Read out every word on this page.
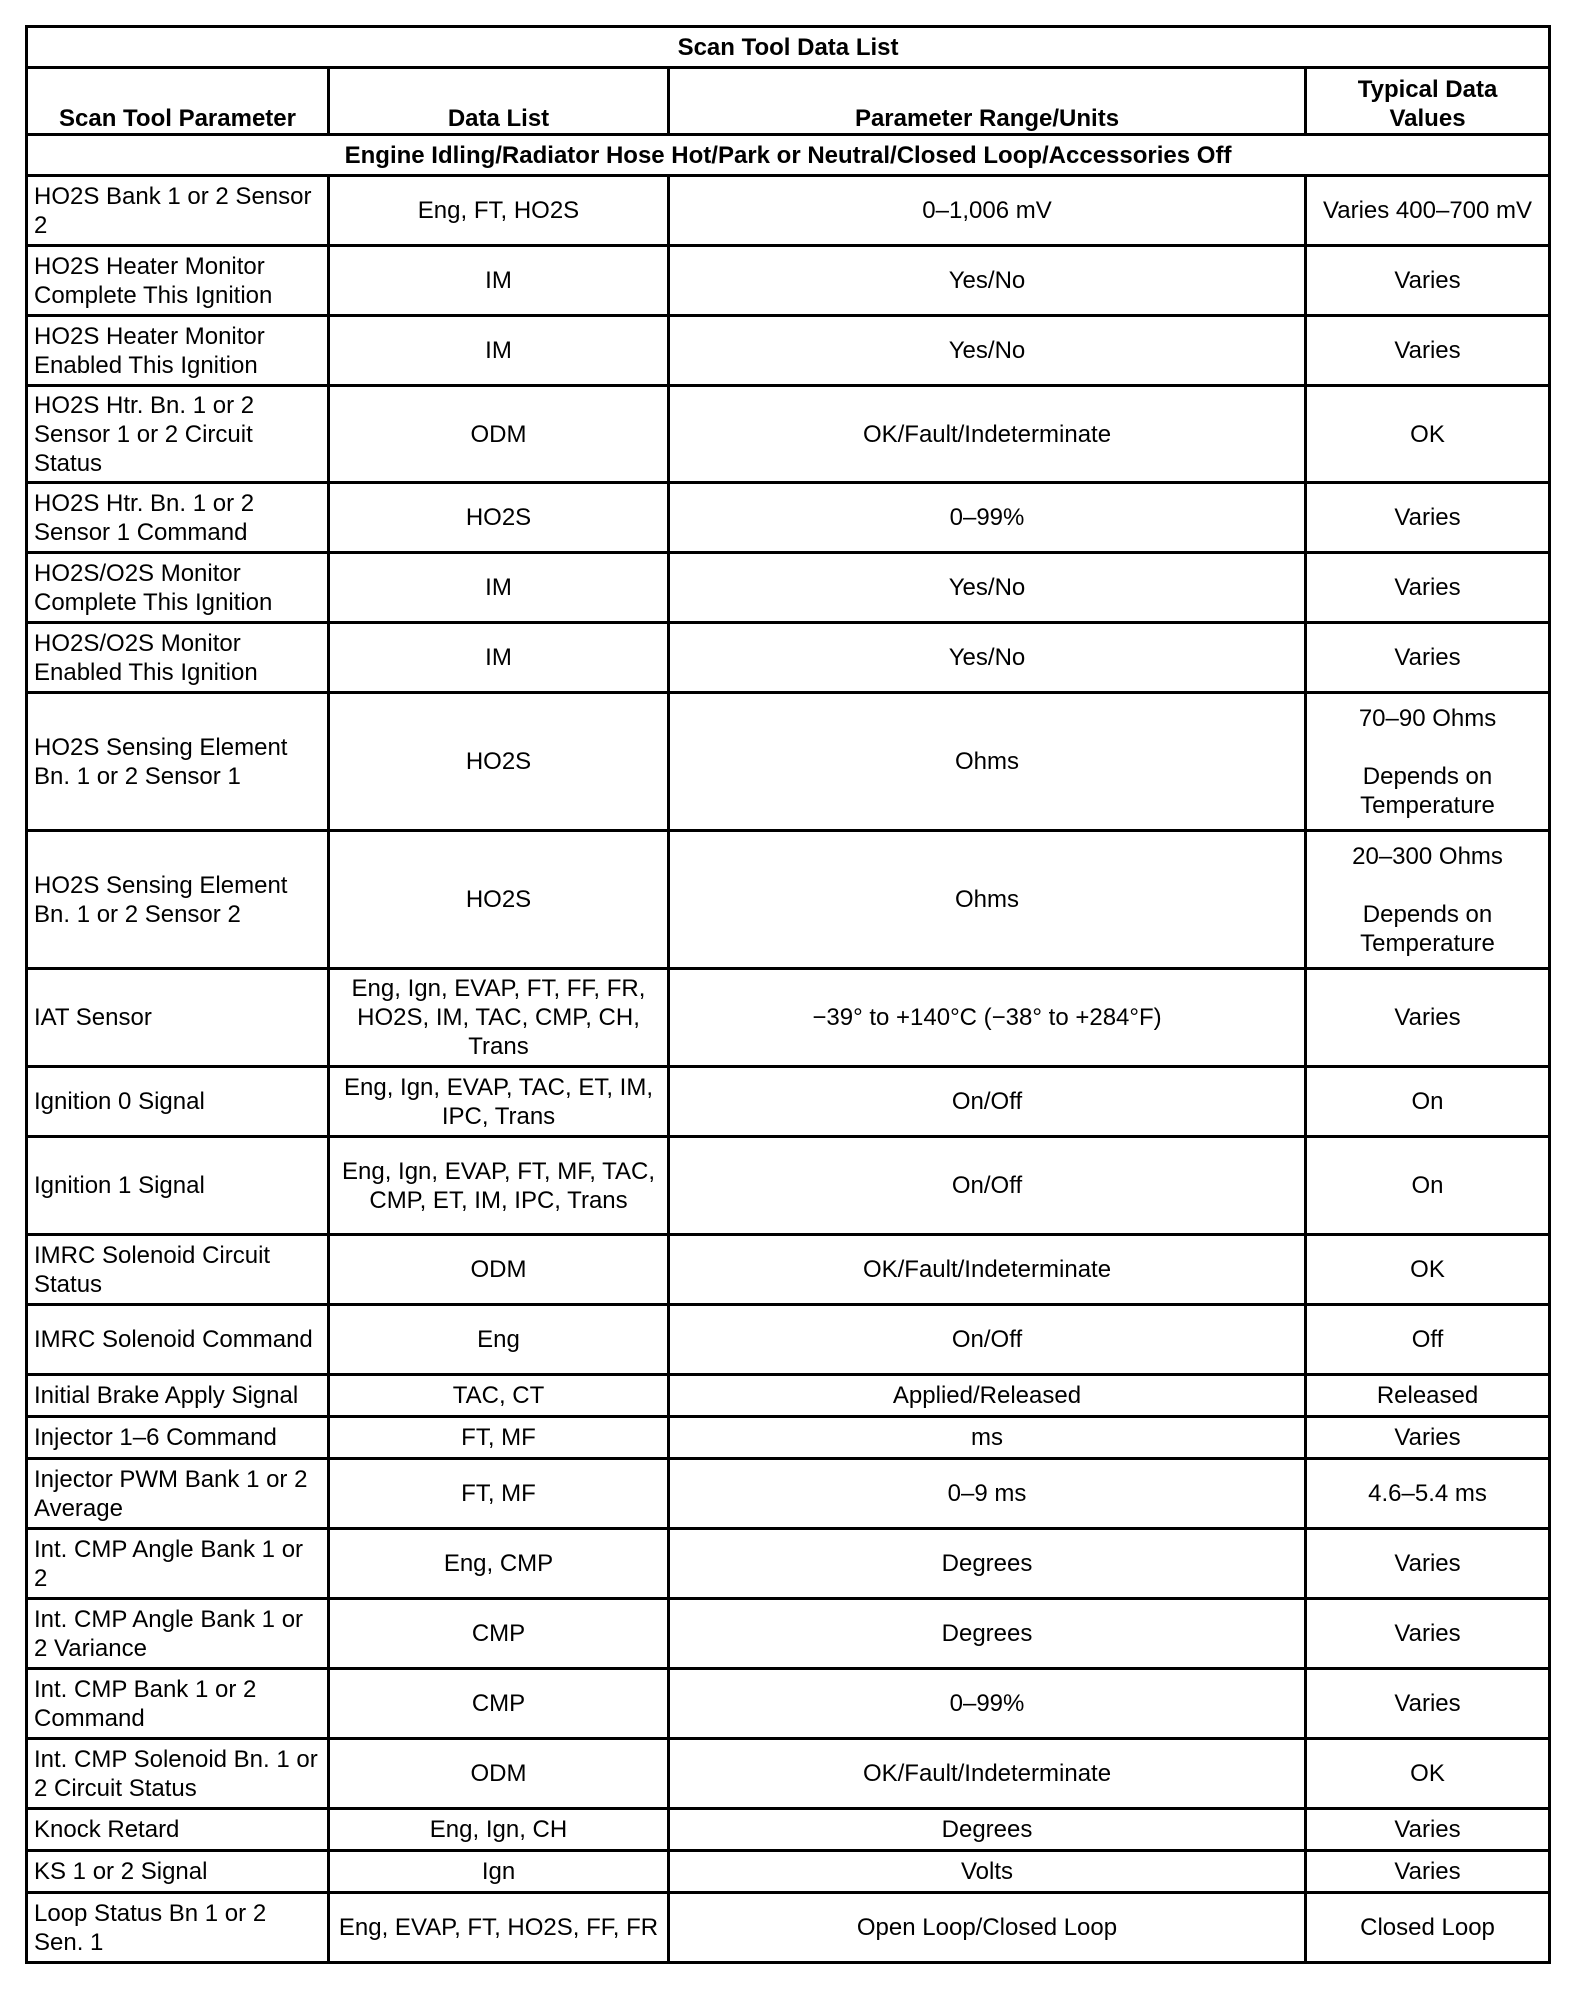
Scan Tool Data List			
Scan Tool Parameter	Data List	Parameter Range/Units	Typical Data
Values
Engine Idling/Radiator Hose Hot/Park or Neutral/Closed Loop/Accessories Off			
HO2S Bank 1 or 2 Sensor 2	Eng, FT, HO2S	0–1,006 mV	Varies 400–700 mV
HO2S Heater Monitor Complete This Ignition	IM	Yes/No	Varies
HO2S Heater Monitor Enabled This Ignition	IM	Yes/No	Varies
HO2S Htr. Bn. 1 or 2 Sensor 1 or 2 Circuit Status	ODM	OK/Fault/Indeterminate	OK
HO2S Htr. Bn. 1 or 2 Sensor 1 Command	HO2S	0–99%	Varies
HO2S/O2S Monitor Complete This Ignition	IM	Yes/No	Varies
HO2S/O2S Monitor Enabled This Ignition	IM	Yes/No	Varies
HO2S Sensing Element Bn. 1 or 2 Sensor 1	HO2S	Ohms	70–90 Ohms

Depends on
Temperature
HO2S Sensing Element Bn. 1 or 2 Sensor 2	HO2S	Ohms	20–300 Ohms

Depends on
Temperature
IAT Sensor	Eng, Ign, EVAP, FT, FF, FR, HO2S, IM, TAC, CMP, CH, Trans	−39° to +140°C (−38° to +284°F)	Varies
Ignition 0 Signal	Eng, Ign, EVAP, TAC, ET, IM, IPC, Trans	On/Off	On
Ignition 1 Signal	Eng, Ign, EVAP, FT, MF, TAC, CMP, ET, IM, IPC, Trans	On/Off	On
IMRC Solenoid Circuit Status	ODM	OK/Fault/Indeterminate	OK
IMRC Solenoid Command	Eng	On/Off	Off
Initial Brake Apply Signal	TAC, CT	Applied/Released	Released
Injector 1–6 Command	FT, MF	ms	Varies
Injector PWM Bank 1 or 2 Average	FT, MF	0–9 ms	4.6–5.4 ms
Int. CMP Angle Bank 1 or 2	Eng, CMP	Degrees	Varies
Int. CMP Angle Bank 1 or 2 Variance	CMP	Degrees	Varies
Int. CMP Bank 1 or 2 Command	CMP	0–99%	Varies
Int. CMP Solenoid Bn. 1 or 2 Circuit Status	ODM	OK/Fault/Indeterminate	OK
Knock Retard	Eng, Ign, CH	Degrees	Varies
KS 1 or 2 Signal	Ign	Volts	Varies
Loop Status Bn 1 or 2 Sen. 1	Eng, EVAP, FT, HO2S, FF, FR	Open Loop/Closed Loop	Closed Loop
